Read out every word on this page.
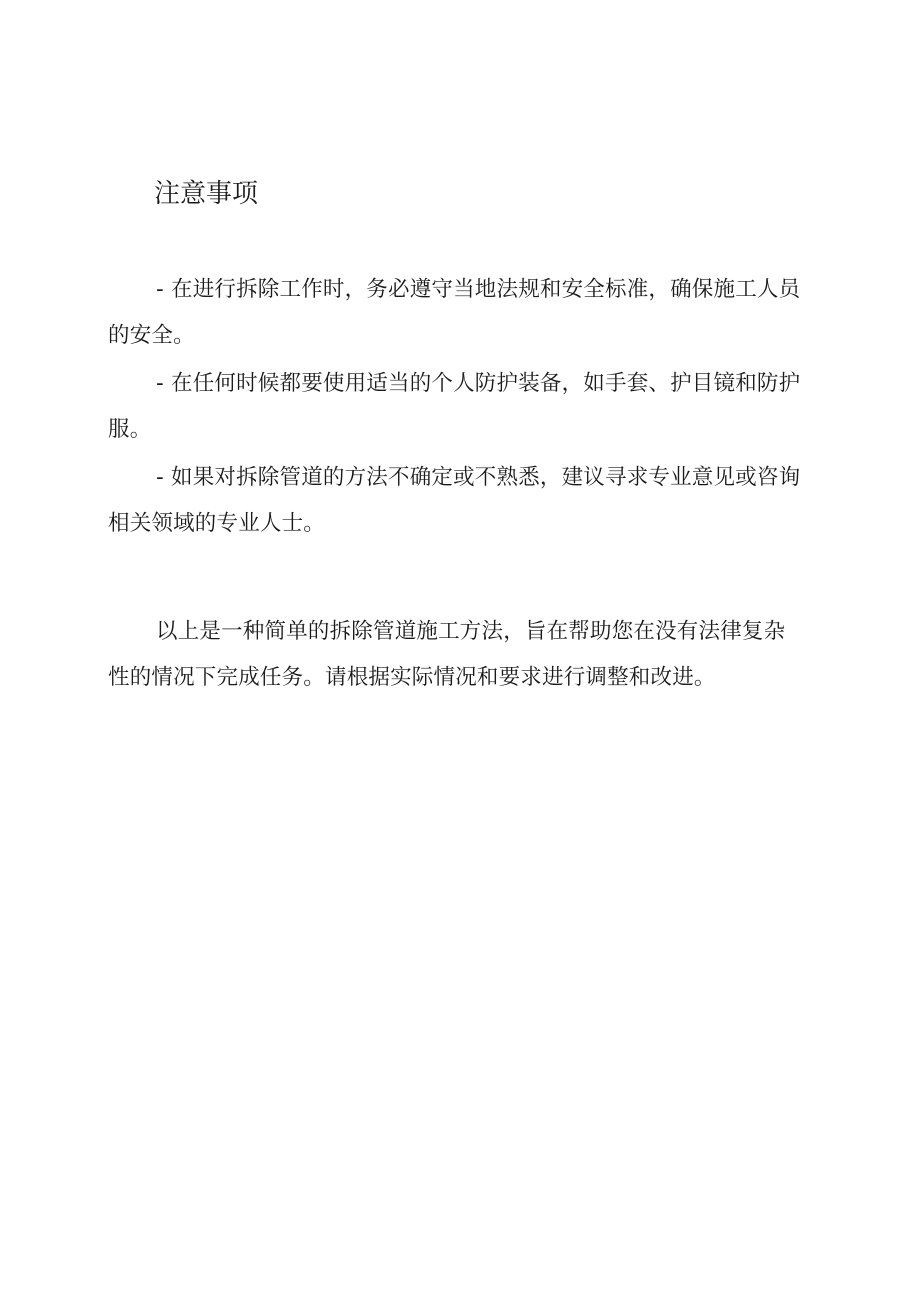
注意事项

- 在进行拆除工作时，务必遵守当地法规和安全标准，确保施工人员的安全。

- 在任何时候都要使用适当的个人防护装备，如手套、护目镜和防护服。

- 如果对拆除管道的方法不确定或不熟悉，建议寻求专业意见或咨询相关领域的专业人士。

以上是一种简单的拆除管道施工方法，旨在帮助您在没有法律复杂性的情况下完成任务。请根据实际情况和要求进行调整和改进。
